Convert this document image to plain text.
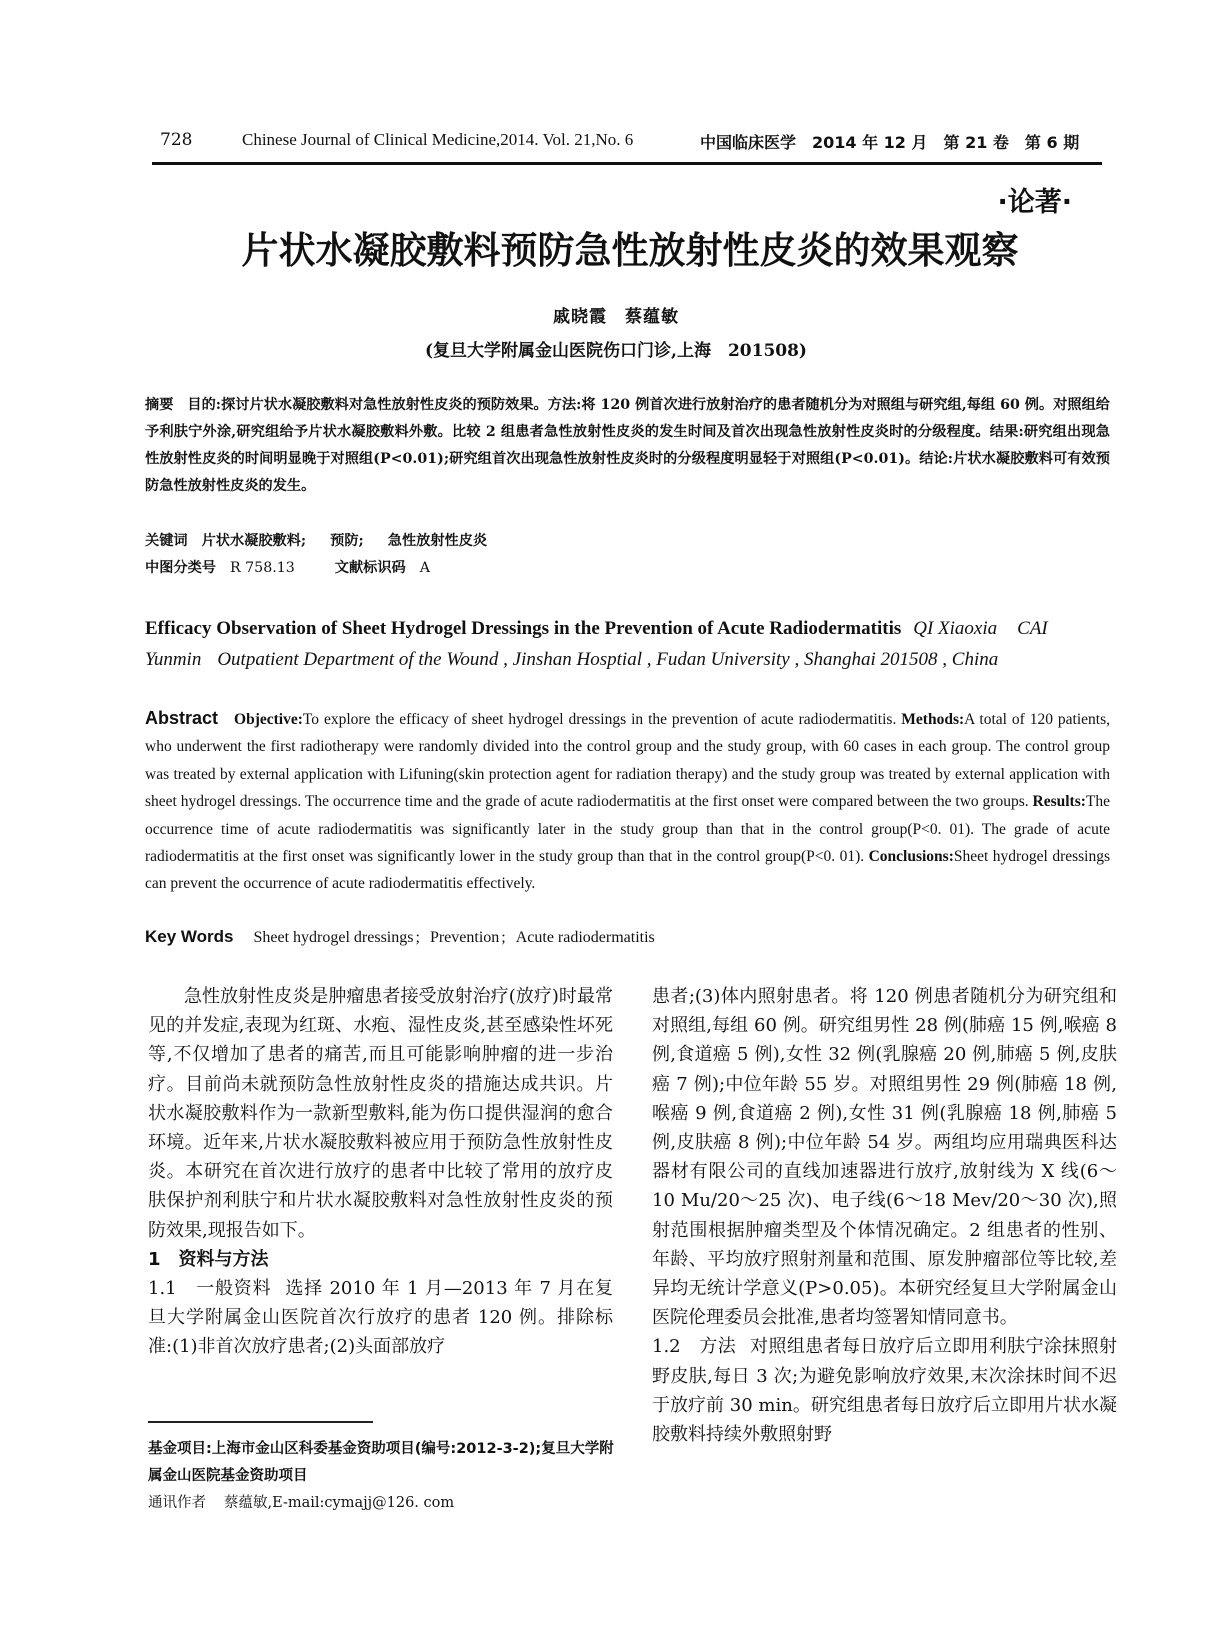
728	Chinese Journal of Clinical Medicine,2014. Vol. 21,No. 6	中国临床医学　2014 年 12 月　第 21 卷　第 6 期
·论著·
片状水凝胶敷料预防急性放射性皮炎的效果观察
戚晓霞　蔡蕴敏
(复旦大学附属金山医院伤口门诊,上海　201508)
摘要 目的:探讨片状水凝胶敷料对急性放射性皮炎的预防效果。方法:将 120 例首次进行放射治疗的患者随机分为对照组与研究组,每组 60 例。对照组给予利肤宁外涂,研究组给予片状水凝胶敷料外敷。比较 2 组患者急性放射性皮炎的发生时间及首次出现急性放射性皮炎时的分级程度。结果:研究组出现急性放射性皮炎的时间明显晚于对照组(P<0.01);研究组首次出现急性放射性皮炎时的分级程度明显轻于对照组(P<0.01)。结论:片状水凝胶敷料可有效预防急性放射性皮炎的发生。
关键词 片状水凝胶敷料; 预防; 急性放射性皮炎
中图分类号 R 758.13	文献标识码 A
Efficacy Observation of Sheet Hydrogel Dressings in the Prevention of Acute Radiodermatitis QI Xiaoxia CAI Yunmin Outpatient Department of the Wound , Jinshan Hosptial , Fudan University , Shanghai 201508 , China
Abstract Objective:To explore the efficacy of sheet hydrogel dressings in the prevention of acute radiodermatitis. Methods:A total of 120 patients, who underwent the first radiotherapy were randomly divided into the control group and the study group, with 60 cases in each group. The control group was treated by external application with Lifuning(skin protection agent for radiation therapy) and the study group was treated by external application with sheet hydrogel dressings. The occurrence time and the grade of acute radiodermatitis at the first onset were compared between the two groups. Results:The occurrence time of acute radiodermatitis was significantly later in the study group than that in the control group(P<0. 01). The grade of acute radiodermatitis at the first onset was significantly lower in the study group than that in the control group(P<0. 01). Conclusions:Sheet hydrogel dressings can prevent the occurrence of acute radiodermatitis effectively.
Key Words Sheet hydrogel dressings ; Prevention ; Acute radiodermatitis

急性放射性皮炎是肿瘤患者接受放射治疗(放疗)时最常见的并发症,表现为红斑、水疱、湿性皮炎,甚至感染性坏死等,不仅增加了患者的痛苦,而且可能影响肿瘤的进一步治疗。目前尚未就预防急性放射性皮炎的措施达成共识。片状水凝胶敷料作为一款新型敷料,能为伤口提供湿润的愈合环境。近年来,片状水凝胶敷料被应用于预防急性放射性皮炎。本研究在首次进行放疗的患者中比较了常用的放疗皮肤保护剂利肤宁和片状水凝胶敷料对急性放射性皮炎的预防效果,现报告如下。

1　资料与方法

1.1　一般资料 选择 2010 年 1 月—2013 年 7 月在复旦大学附属金山医院首次行放疗的患者 120 例。排除标准:(1)非首次放疗患者;(2)头面部放疗

基金项目:上海市金山区科委基金资助项目(编号:2012-3-2);复旦大学附属金山医院基金资助项目
通讯作者 蔡蕴敏,E-mail:cymajj@126. com

患者;(3)体内照射患者。将 120 例患者随机分为研究组和对照组,每组 60 例。研究组男性 28 例(肺癌 15 例,喉癌 8 例,食道癌 5 例),女性 32 例(乳腺癌 20 例,肺癌 5 例,皮肤癌 7 例);中位年龄 55 岁。对照组男性 29 例(肺癌 18 例,喉癌 9 例,食道癌 2 例),女性 31 例(乳腺癌 18 例,肺癌 5 例,皮肤癌 8 例);中位年龄 54 岁。两组均应用瑞典医科达器材有限公司的直线加速器进行放疗,放射线为 X 线(6～10 Mu/20～25 次)、电子线(6～18 Mev/20～30 次),照射范围根据肿瘤类型及个体情况确定。2 组患者的性别、年龄、平均放疗照射剂量和范围、原发肿瘤部位等比较,差异均无统计学意义(P>0.05)。本研究经复旦大学附属金山医院伦理委员会批准,患者均签署知情同意书。

1.2　方法 对照组患者每日放疗后立即用利肤宁涂抹照射野皮肤,每日 3 次;为避免影响放疗效果,末次涂抹时间不迟于放疗前 30 min。研究组患者每日放疗后立即用片状水凝胶敷料持续外敷照射野
